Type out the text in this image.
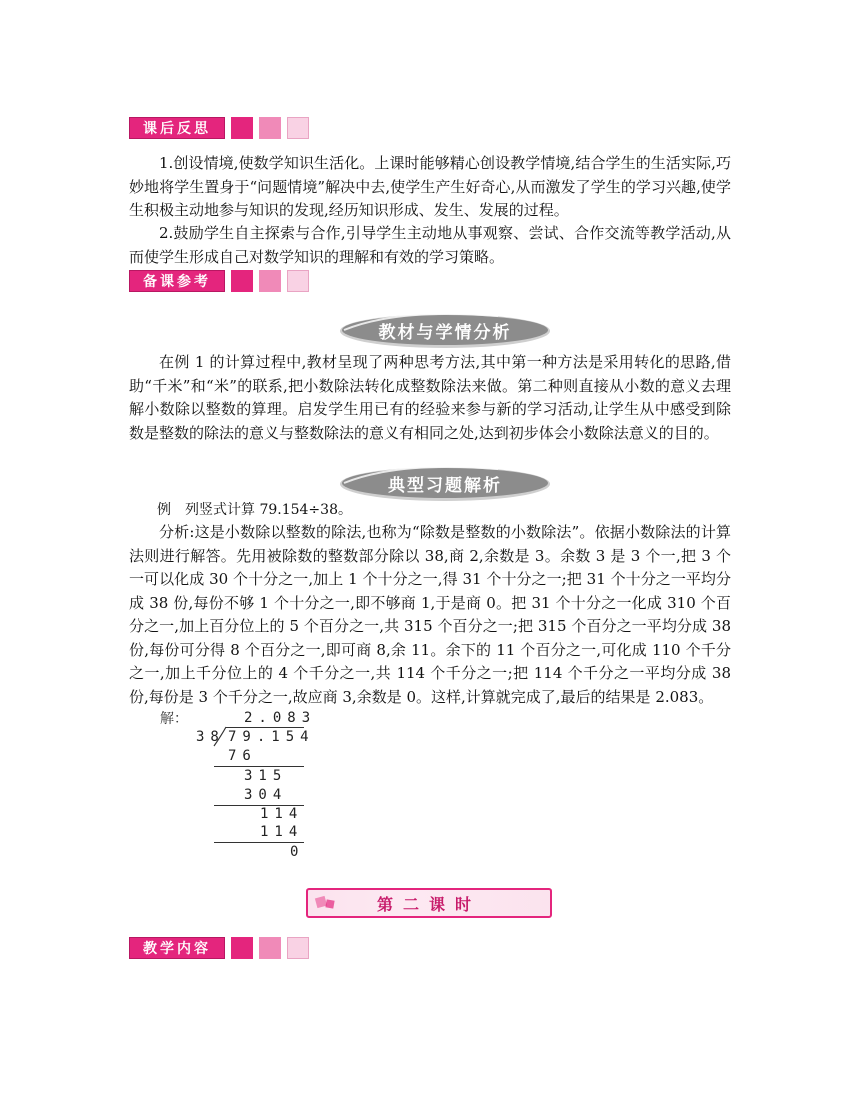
课后反思
1.创设情境,使数学知识生活化。上课时能够精心创设教学情境,结合学生的生活实际,巧妙地将学生置身于“问题情境”解决中去,使学生产生好奇心,从而激发了学生的学习兴趣,使学生积极主动地参与知识的发现,经历知识形成、发生、发展的过程。
2.鼓励学生自主探索与合作,引导学生主动地从事观察、尝试、合作交流等教学活动,从而使学生形成自己对数学知识的理解和有效的学习策略。
备课参考
教材与学情分析
在例 1 的计算过程中,教材呈现了两种思考方法,其中第一种方法是采用转化的思路,借助“千米”和“米”的联系,把小数除法转化成整数除法来做。第二种则直接从小数的意义去理解小数除以整数的算理。启发学生用已有的经验来参与新的学习活动,让学生从中感受到除数是整数的除法的意义与整数除法的意义有相同之处,达到初步体会小数除法意义的目的。
典型习题解析
例　列竖式计算 79.154÷38。
分析:这是小数除以整数的除法,也称为“除数是整数的小数除法”。依据小数除法的计算法则进行解答。先用被除数的整数部分除以 38,商 2,余数是 3。余数 3 是 3 个一,把 3 个一可以化成 30 个十分之一,加上 1 个十分之一,得 31 个十分之一;把 31 个十分之一平均分成 38 份,每份不够 1 个十分之一,即不够商 1,于是商 0。把 31 个十分之一化成 310 个百分之一,加上百分位上的 5 个百分之一,共 315 个百分之一;把 315 个百分之一平均分成 38 份,每份可分得 8 个百分之一,即可商 8,余 11。余下的 11 个百分之一,可化成 110 个千分之一,加上千分位上的 4 个千分之一,共 114 个千分之一;把 114 个千分之一平均分成 38 份,每份是 3 个千分之一,故应商 3,余数是 0。这样,计算就完成了,最后的结果是 2.083。
解：	2.083
38 79.154
76
315
304
114
114
0
第二课时
教学内容
